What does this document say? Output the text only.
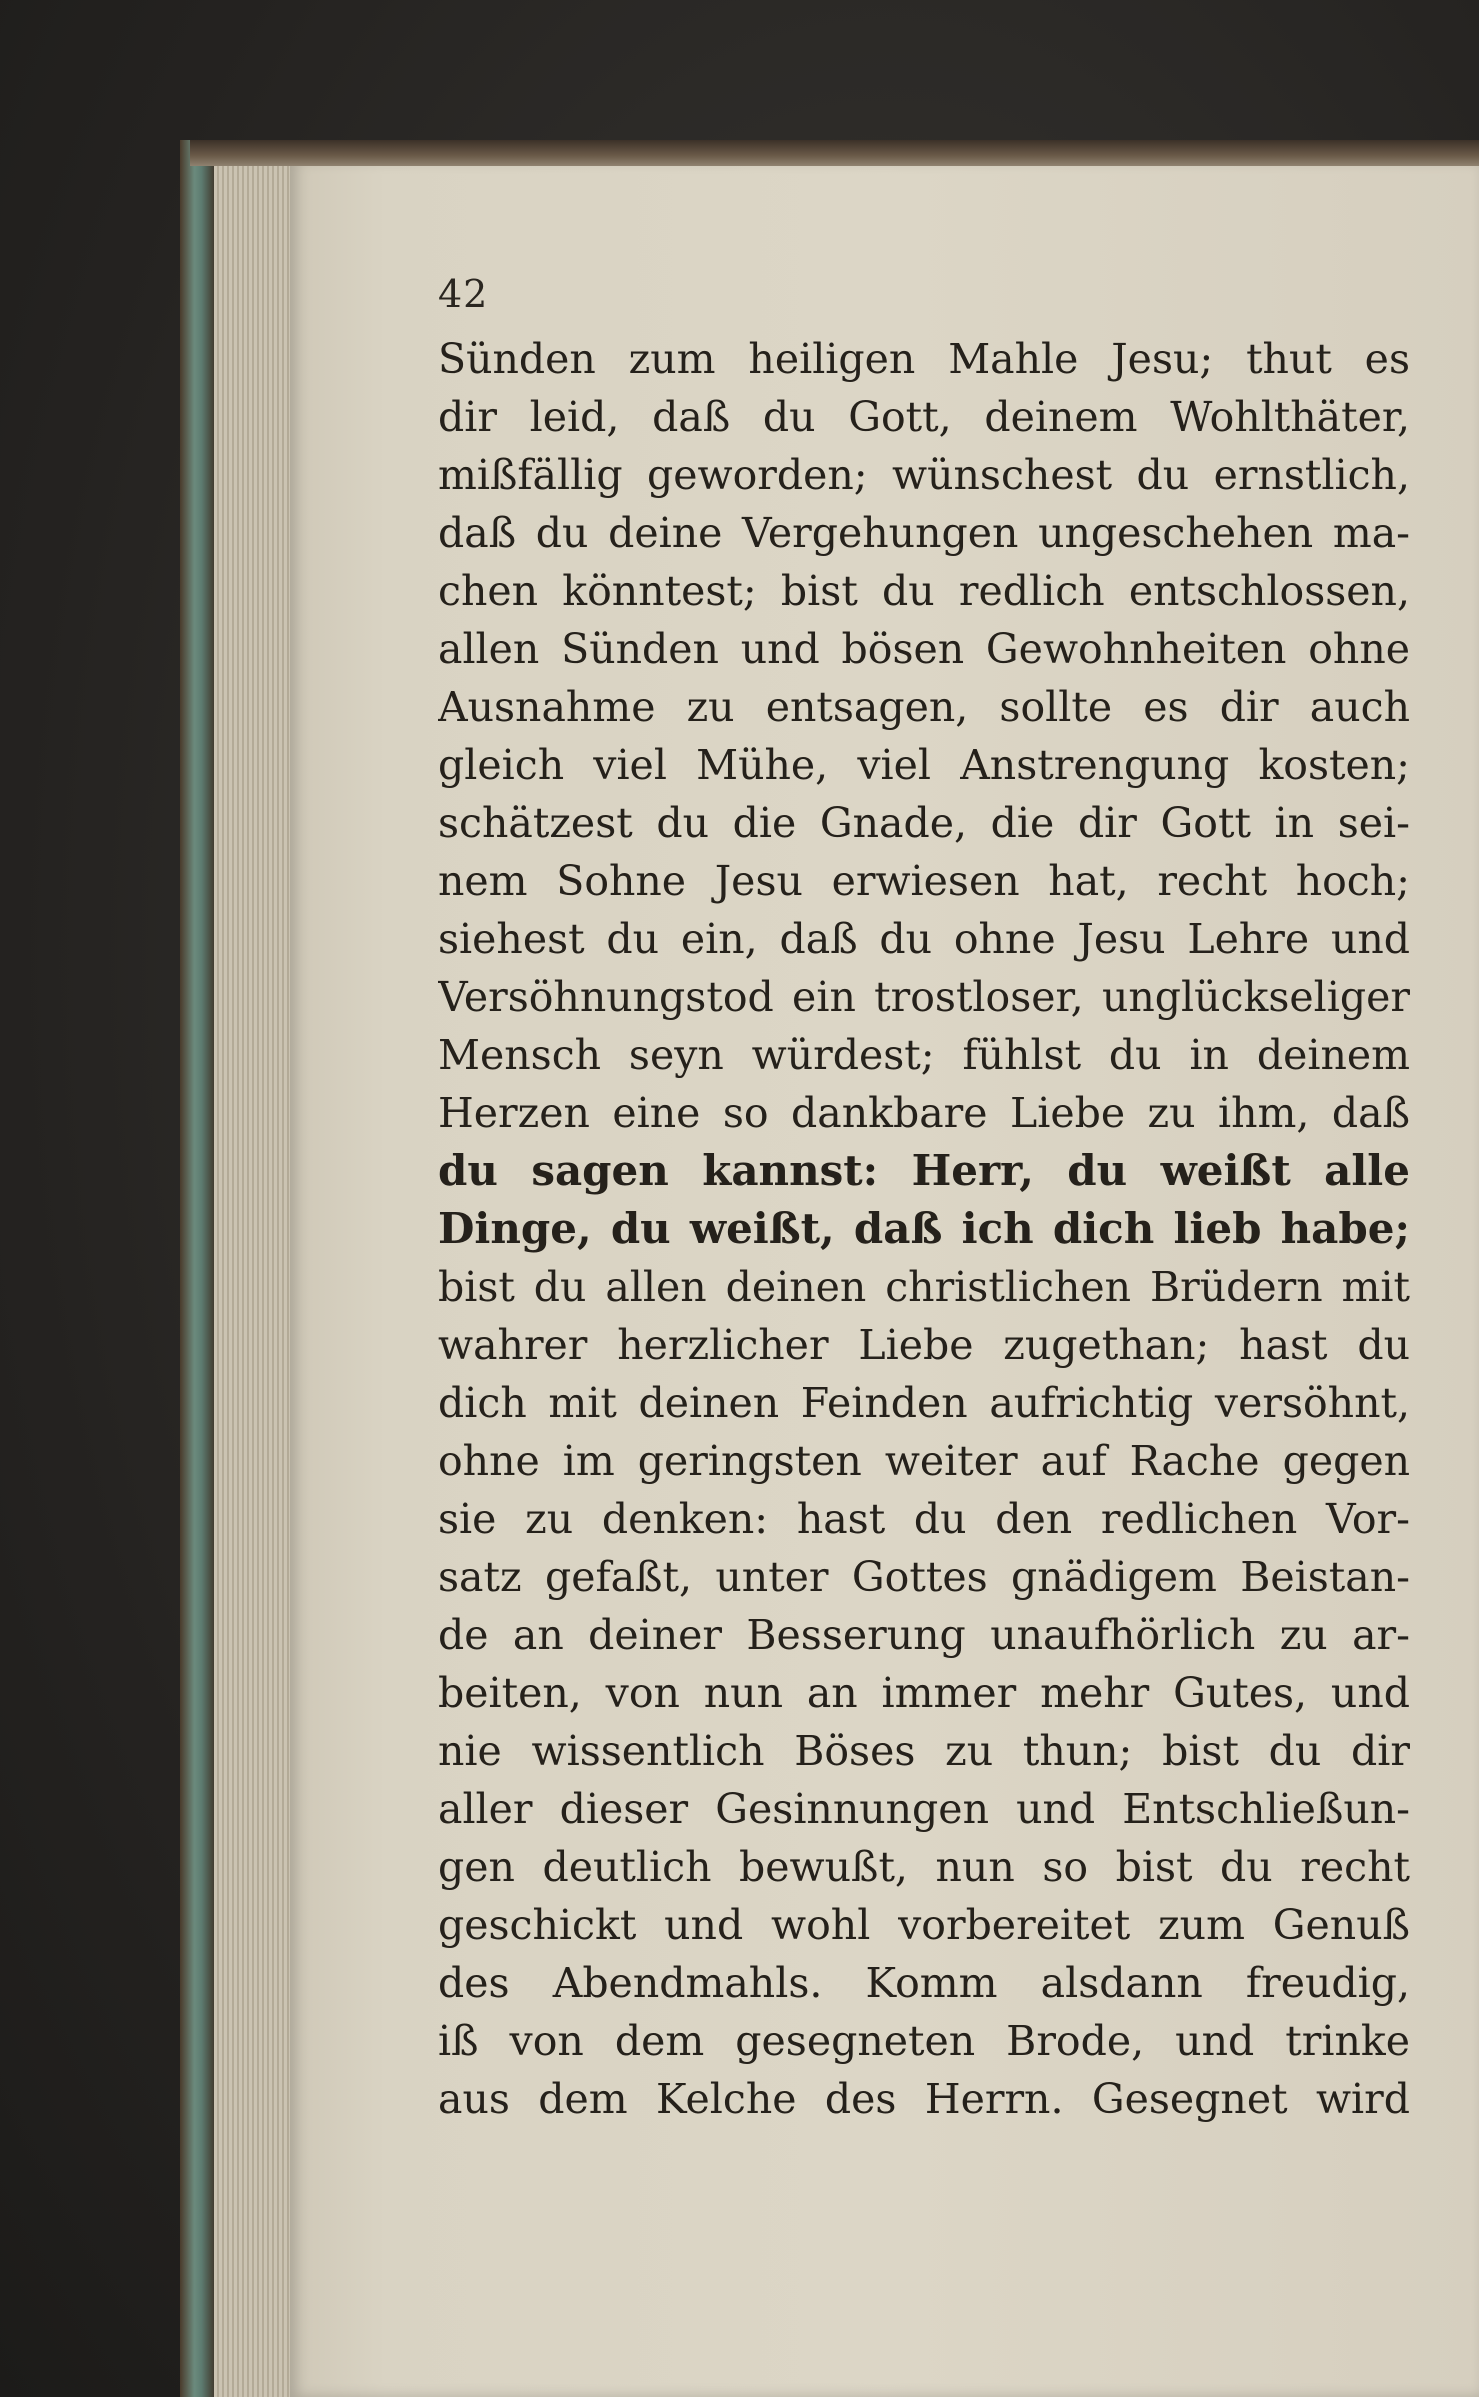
42
Sünden zum heiligen Mahle Jesu; thut es
dir leid, daß du Gott, deinem Wohlthäter,
mißfällig geworden; wünschest du ernstlich,
daß du deine Vergehungen ungeschehen ma-
chen könntest; bist du redlich entschlossen,
allen Sünden und bösen Gewohnheiten ohne
Ausnahme zu entsagen, sollte es dir auch
gleich viel Mühe, viel Anstrengung kosten;
schätzest du die Gnade, die dir Gott in sei-
nem Sohne Jesu erwiesen hat, recht hoch;
siehest du ein, daß du ohne Jesu Lehre und
Versöhnungstod ein trostloser, unglückseliger
Mensch seyn würdest; fühlst du in deinem
Herzen eine so dankbare Liebe zu ihm, daß
du sagen kannst: Herr, du weißt alle
Dinge, du weißt, daß ich dich lieb habe;
bist du allen deinen christlichen Brüdern mit
wahrer herzlicher Liebe zugethan; hast du
dich mit deinen Feinden aufrichtig versöhnt,
ohne im geringsten weiter auf Rache gegen
sie zu denken: hast du den redlichen Vor-
satz gefaßt, unter Gottes gnädigem Beistan-
de an deiner Besserung unaufhörlich zu ar-
beiten, von nun an immer mehr Gutes, und
nie wissentlich Böses zu thun; bist du dir
aller dieser Gesinnungen und Entschließun-
gen deutlich bewußt, nun so bist du recht
geschickt und wohl vorbereitet zum Genuß
des Abendmahls. Komm alsdann freudig,
iß von dem gesegneten Brode, und trinke
aus dem Kelche des Herrn. Gesegnet wird
